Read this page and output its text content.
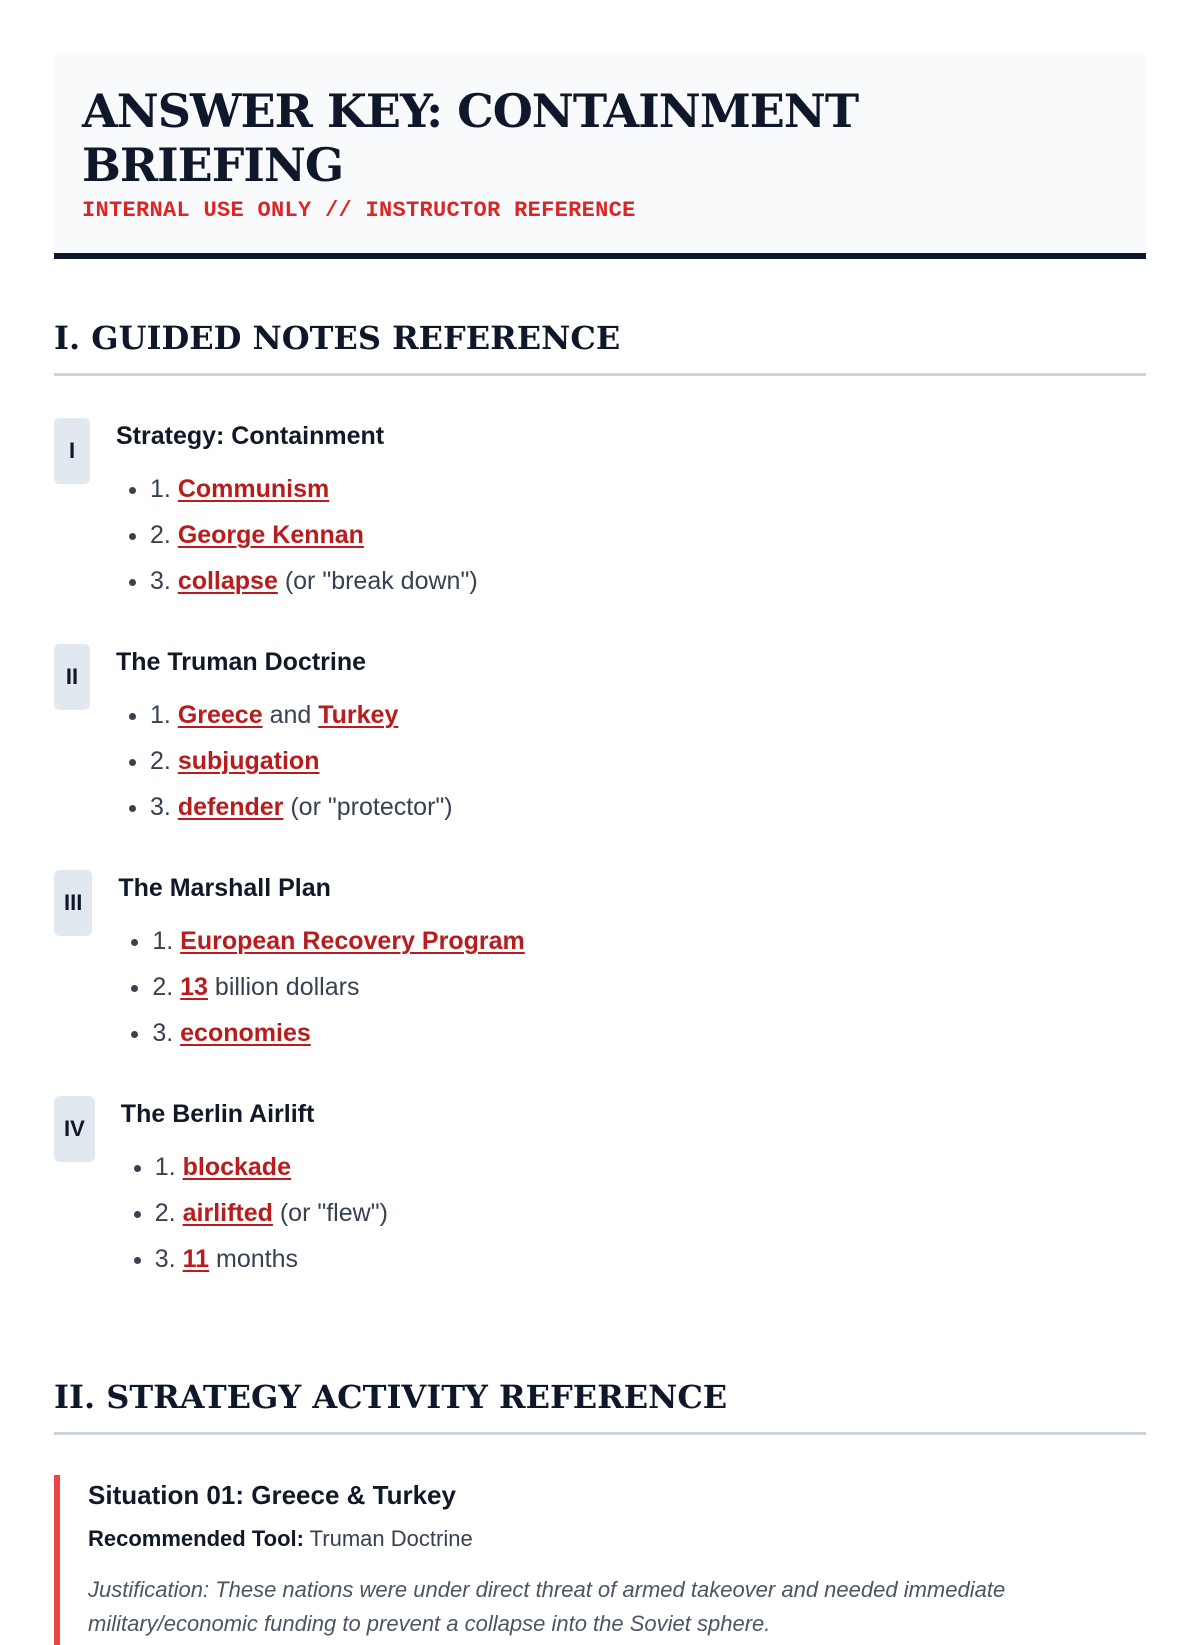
ANSWER KEY: CONTAINMENT BRIEFING
INTERNAL USE ONLY // INSTRUCTOR REFERENCE
I. GUIDED NOTES REFERENCE
I
Strategy: Containment
• 1. Communism
• 2. George Kennan
• 3. collapse (or "break down")
II
The Truman Doctrine
• 1. Greece and Turkey
• 2. subjugation
• 3. defender (or "protector")
III
The Marshall Plan
• 1. European Recovery Program
• 2. 13 billion dollars
• 3. economies
IV
The Berlin Airlift
• 1. blockade
• 2. airlifted (or "flew")
• 3. 11 months
II. STRATEGY ACTIVITY REFERENCE
Situation 01: Greece & Turkey
Recommended Tool: Truman Doctrine
Justification: These nations were under direct threat of armed takeover and needed immediate military/economic funding to prevent a collapse into the Soviet sphere.
